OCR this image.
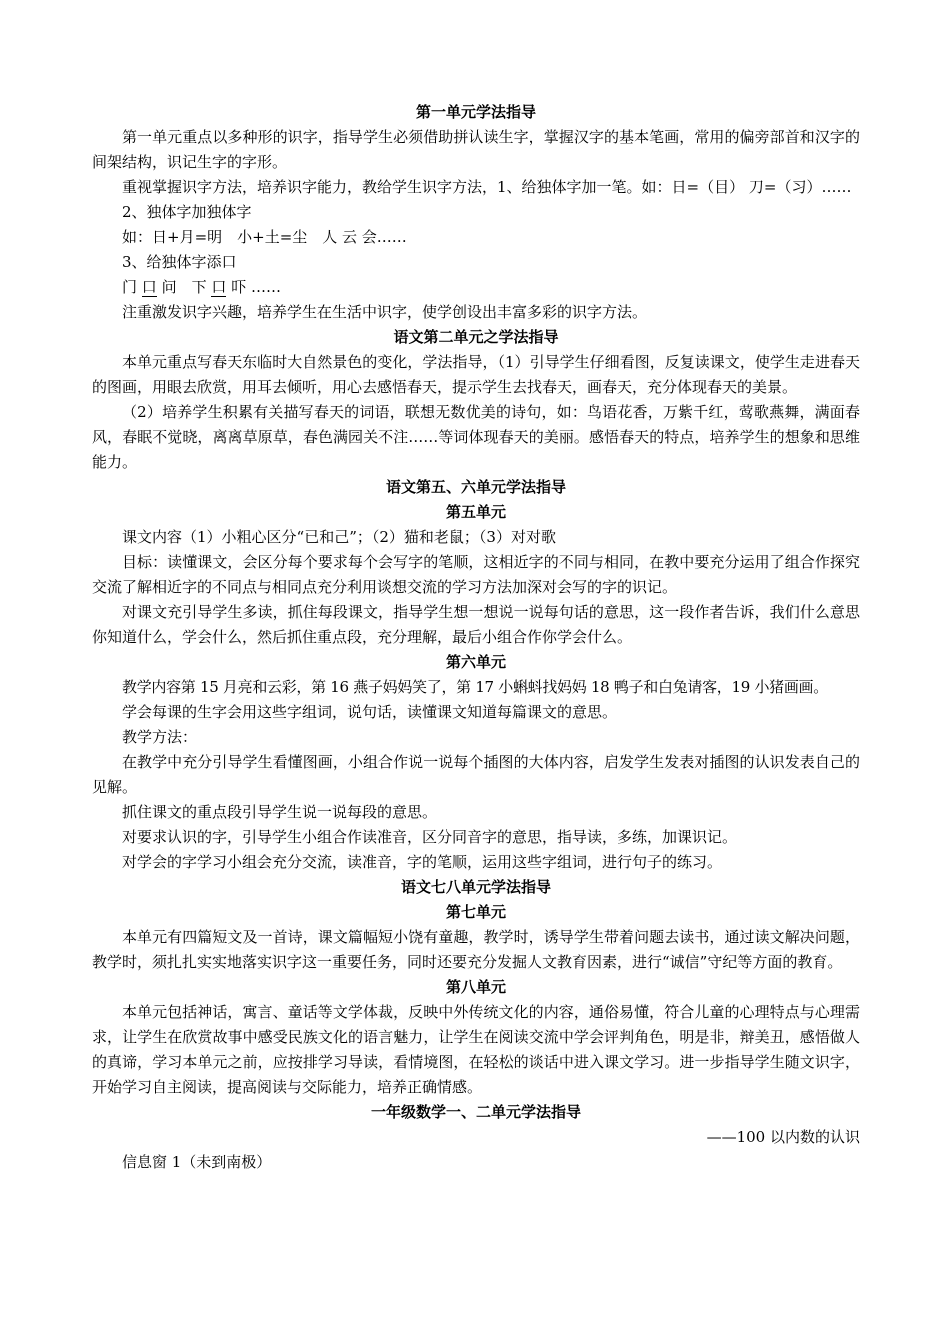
第一单元学法指导

第一单元重点以多种形的识字，指导学生必须借助拼认读生字，掌握汉字的基本笔画，常用的偏旁部首和汉字的间架结构，识记生字的字形。

重视掌握识字方法，培养识字能力，教给学生识字方法，1、给独体字加一笔。如：日=（目） 刀=（习）……

2、独体字加独体字

如：日+月=明　小+土=尘　人 云 会……

3、给独体字添口

门 口 问　下 口 吓 ……

注重激发识字兴趣，培养学生在生活中识字，使学创设出丰富多彩的识字方法。

语文第二单元之学法指导

本单元重点写春天东临时大自然景色的变化，学法指导，（1）引导学生仔细看图，反复读课文，使学生走进春天的图画，用眼去欣赏，用耳去倾听，用心去感悟春天，提示学生去找春天，画春天，充分体现春天的美景。

（2）培养学生积累有关描写春天的词语，联想无数优美的诗句，如：鸟语花香，万紫千红，莺歌燕舞，满面春风，春眠不觉晓，离离草原草，春色满园关不注……等词体现春天的美丽。感悟春天的特点，培养学生的想象和思维能力。

语文第五、六单元学法指导

第五单元

课文内容（1）小粗心区分“已和己”；（2）猫和老鼠；（3）对对歌

目标：读懂课文，会区分每个要求每个会写字的笔顺，这相近字的不同与相同，在教中要充分运用了组合作探究交流了解相近字的不同点与相同点充分利用谈想交流的学习方法加深对会写的字的识记。

对课文充引导学生多读，抓住每段课文，指导学生想一想说一说每句话的意思，这一段作者告诉，我们什么意思你知道什么，学会什么，然后抓住重点段，充分理解，最后小组合作你学会什么。

第六单元

教学内容第 15 月亮和云彩，第 16 燕子妈妈笑了，第 17 小蝌蚪找妈妈 18 鸭子和白兔请客，19 小猪画画。

学会每课的生字会用这些字组词，说句话，读懂课文知道每篇课文的意思。

教学方法：

在教学中充分引导学生看懂图画，小组合作说一说每个插图的大体内容，启发学生发表对插图的认识发表自己的见解。

抓住课文的重点段引导学生说一说每段的意思。

对要求认识的字，引导学生小组合作读准音，区分同音字的意思，指导读，多练，加课识记。

对学会的字学习小组会充分交流，读准音，字的笔顺，运用这些字组词，进行句子的练习。

语文七八单元学法指导

第七单元

本单元有四篇短文及一首诗，课文篇幅短小饶有童趣，教学时，诱导学生带着问题去读书，通过读文解决问题，教学时，须扎扎实实地落实识字这一重要任务，同时还要充分发掘人文教育因素，进行“诚信”守纪等方面的教育。

第八单元

本单元包括神话，寓言、童话等文学体裁，反映中外传统文化的内容，通俗易懂，符合儿童的心理特点与心理需求，让学生在欣赏故事中感受民族文化的语言魅力，让学生在阅读交流中学会评判角色，明是非，辩美丑，感悟做人的真谛，学习本单元之前，应按排学习导读，看情境图，在轻松的谈话中进入课文学习。进一步指导学生随文识字，开始学习自主阅读，提高阅读与交际能力，培养正确情感。

一年级数学一、二单元学法指导

——100 以内数的认识

信息窗 1（未到南极）
